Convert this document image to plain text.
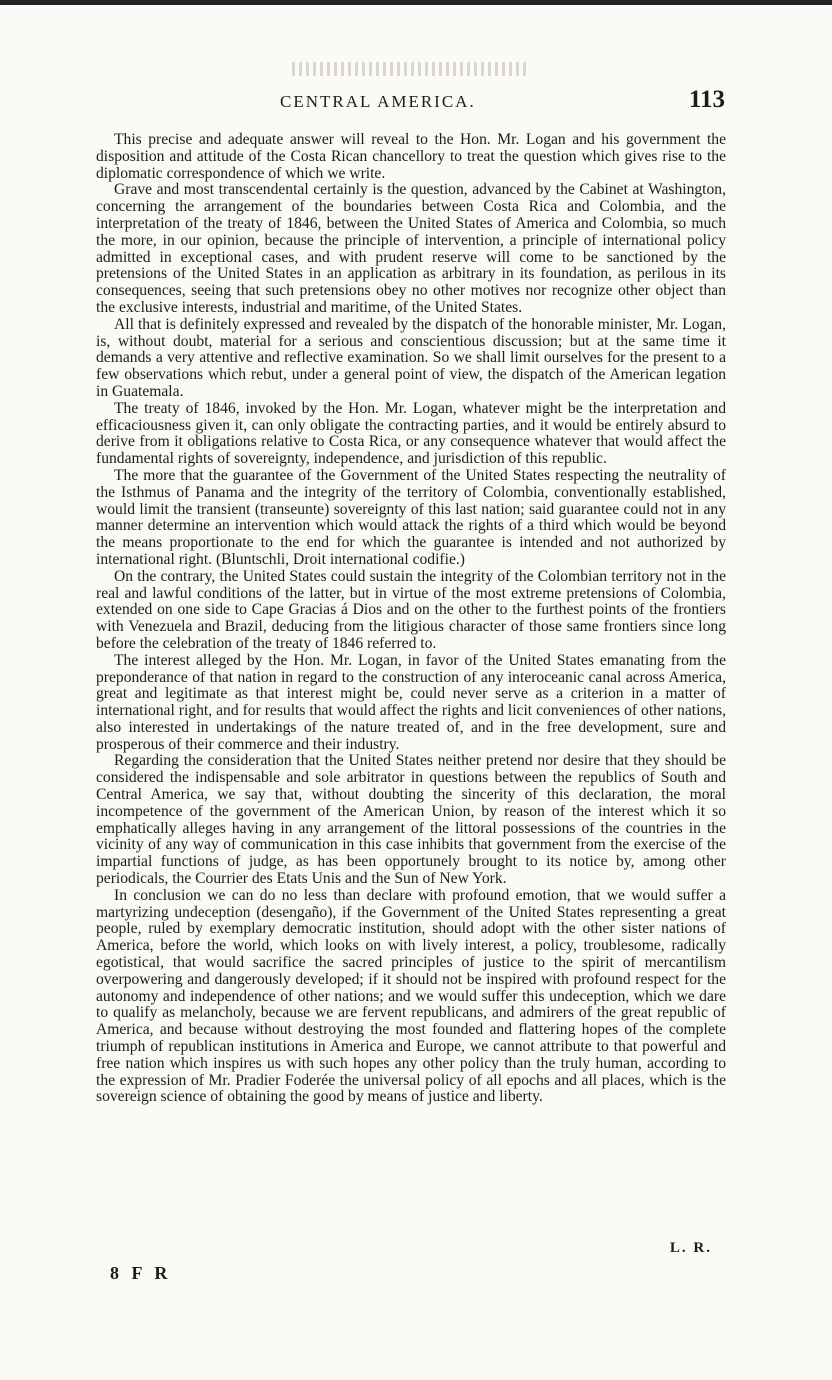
CENTRAL AMERICA.	113

This precise and adequate answer will reveal to the Hon. Mr. Logan and his government the disposition and attitude of the Costa Rican chancellory to treat the question which gives rise to the diplomatic correspondence of which we write.

Grave and most transcendental certainly is the question, advanced by the Cabinet at Washington, concerning the arrangement of the boundaries between Costa Rica and Colombia, and the interpretation of the treaty of 1846, between the United States of America and Colombia, so much the more, in our opinion, because the principle of intervention, a principle of international policy admitted in exceptional cases, and with prudent reserve will come to be sanctioned by the pretensions of the United States in an application as arbitrary in its foundation, as perilous in its consequences, seeing that such pretensions obey no other motives nor recognize other object than the exclusive interests, industrial and maritime, of the United States.

All that is definitely expressed and revealed by the dispatch of the honorable minister, Mr. Logan, is, without doubt, material for a serious and conscientious discussion; but at the same time it demands a very attentive and reflective examination. So we shall limit ourselves for the present to a few observations which rebut, under a general point of view, the dispatch of the American legation in Guatemala.

The treaty of 1846, invoked by the Hon. Mr. Logan, whatever might be the interpretation and efficaciousness given it, can only obligate the contracting parties, and it would be entirely absurd to derive from it obligations relative to Costa Rica, or any consequence whatever that would affect the fundamental rights of sovereignty, independence, and jurisdiction of this republic.

The more that the guarantee of the Government of the United States respecting the neutrality of the Isthmus of Panama and the integrity of the territory of Colombia, conventionally established, would limit the transient (transeunte) sovereignty of this last nation; said guarantee could not in any manner determine an intervention which would attack the rights of a third which would be beyond the means proportionate to the end for which the guarantee is intended and not authorized by international right. (Bluntschli, Droit international codifie.)

On the contrary, the United States could sustain the integrity of the Colombian territory not in the real and lawful conditions of the latter, but in virtue of the most extreme pretensions of Colombia, extended on one side to Cape Gracias á Dios and on the other to the furthest points of the frontiers with Venezuela and Brazil, deducing from the litigious character of those same frontiers since long before the celebration of the treaty of 1846 referred to.

The interest alleged by the Hon. Mr. Logan, in favor of the United States emanating from the preponderance of that nation in regard to the construction of any interoceanic canal across America, great and legitimate as that interest might be, could never serve as a criterion in a matter of international right, and for results that would affect the rights and licit conveniences of other nations, also interested in undertakings of the nature treated of, and in the free development, sure and prosperous of their commerce and their industry.

Regarding the consideration that the United States neither pretend nor desire that they should be considered the indispensable and sole arbitrator in questions between the republics of South and Central America, we say that, without doubting the sincerity of this declaration, the moral incompetence of the government of the American Union, by reason of the interest which it so emphatically alleges having in any arrangement of the littoral possessions of the countries in the vicinity of any way of communication in this case inhibits that government from the exercise of the impartial functions of judge, as has been opportunely brought to its notice by, among other periodicals, the Courrier des Etats Unis and the Sun of New York.

In conclusion we can do no less than declare with profound emotion, that we would suffer a martyrizing undeception (desengaño), if the Government of the United States representing a great people, ruled by exemplary democratic institution, should adopt with the other sister nations of America, before the world, which looks on with lively interest, a policy, troublesome, radically egotistical, that would sacrifice the sacred principles of justice to the spirit of mercantilism overpowering and dangerously developed; if it should not be inspired with profound respect for the autonomy and independence of other nations; and we would suffer this undeception, which we dare to qualify as melancholy, because we are fervent republicans, and admirers of the great republic of America, and because without destroying the most founded and flattering hopes of the complete triumph of republican institutions in America and Europe, we cannot attribute to that powerful and free nation which inspires us with such hopes any other policy than the truly human, according to the expression of Mr. Pradier Foderée the universal policy of all epochs and all places, which is the sovereign science of obtaining the good by means of justice and liberty.

L. R.
8 F R
